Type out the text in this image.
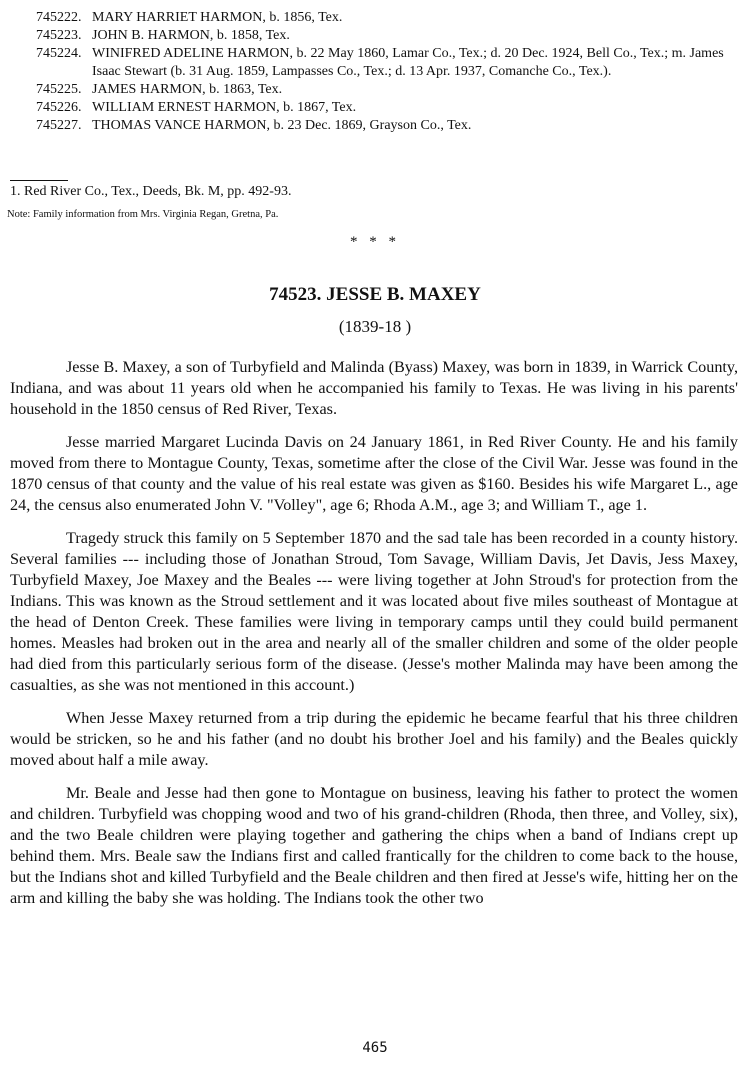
745222. MARY HARRIET HARMON, b. 1856, Tex.
745223. JOHN B. HARMON, b. 1858, Tex.
745224. WINIFRED ADELINE HARMON, b. 22 May 1860, Lamar Co., Tex.; d. 20 Dec. 1924, Bell Co., Tex.; m. James Isaac Stewart (b. 31 Aug. 1859, Lampasses Co., Tex.; d. 13 Apr. 1937, Comanche Co., Tex.).
745225. JAMES HARMON, b. 1863, Tex.
745226. WILLIAM ERNEST HARMON, b. 1867, Tex.
745227. THOMAS VANCE HARMON, b. 23 Dec. 1869, Grayson Co., Tex.
1. Red River Co., Tex., Deeds, Bk. M, pp. 492-93.
Note: Family information from Mrs. Virginia Regan, Gretna, Pa.
* * *
74523. JESSE B. MAXEY
(1839-18 )

Jesse B. Maxey, a son of Turbyfield and Malinda (Byass) Maxey, was born in 1839, in Warrick County, Indiana, and was about 11 years old when he accompanied his family to Texas. He was living in his parents' household in the 1850 census of Red River, Texas.

Jesse married Margaret Lucinda Davis on 24 January 1861, in Red River County. He and his family moved from there to Montague County, Texas, sometime after the close of the Civil War. Jesse was found in the 1870 census of that county and the value of his real estate was given as $160. Besides his wife Margaret L., age 24, the census also enumerated John V. "Volley", age 6; Rhoda A.M., age 3; and William T., age 1.

Tragedy struck this family on 5 September 1870 and the sad tale has been recorded in a county history. Several families --- including those of Jonathan Stroud, Tom Savage, William Davis, Jet Davis, Jess Maxey, Turbyfield Maxey, Joe Maxey and the Beales --- were living together at John Stroud's for protection from the Indians. This was known as the Stroud settlement and it was located about five miles southeast of Montague at the head of Denton Creek. These families were living in temporary camps until they could build permanent homes. Measles had broken out in the area and nearly all of the smaller children and some of the older people had died from this particularly serious form of the disease. (Jesse's mother Malinda may have been among the casualties, as she was not mentioned in this account.)

When Jesse Maxey returned from a trip during the epidemic he became fearful that his three children would be stricken, so he and his father (and no doubt his brother Joel and his family) and the Beales quickly moved about half a mile away.

Mr. Beale and Jesse had then gone to Montague on business, leaving his father to protect the women and children. Turbyfield was chopping wood and two of his grand-children (Rhoda, then three, and Volley, six), and the two Beale children were playing together and gathering the chips when a band of Indians crept up behind them. Mrs. Beale saw the Indians first and called frantically for the children to come back to the house, but the Indians shot and killed Turbyfield and the Beale children and then fired at Jesse's wife, hitting her on the arm and killing the baby she was holding. The Indians took the other two

465
